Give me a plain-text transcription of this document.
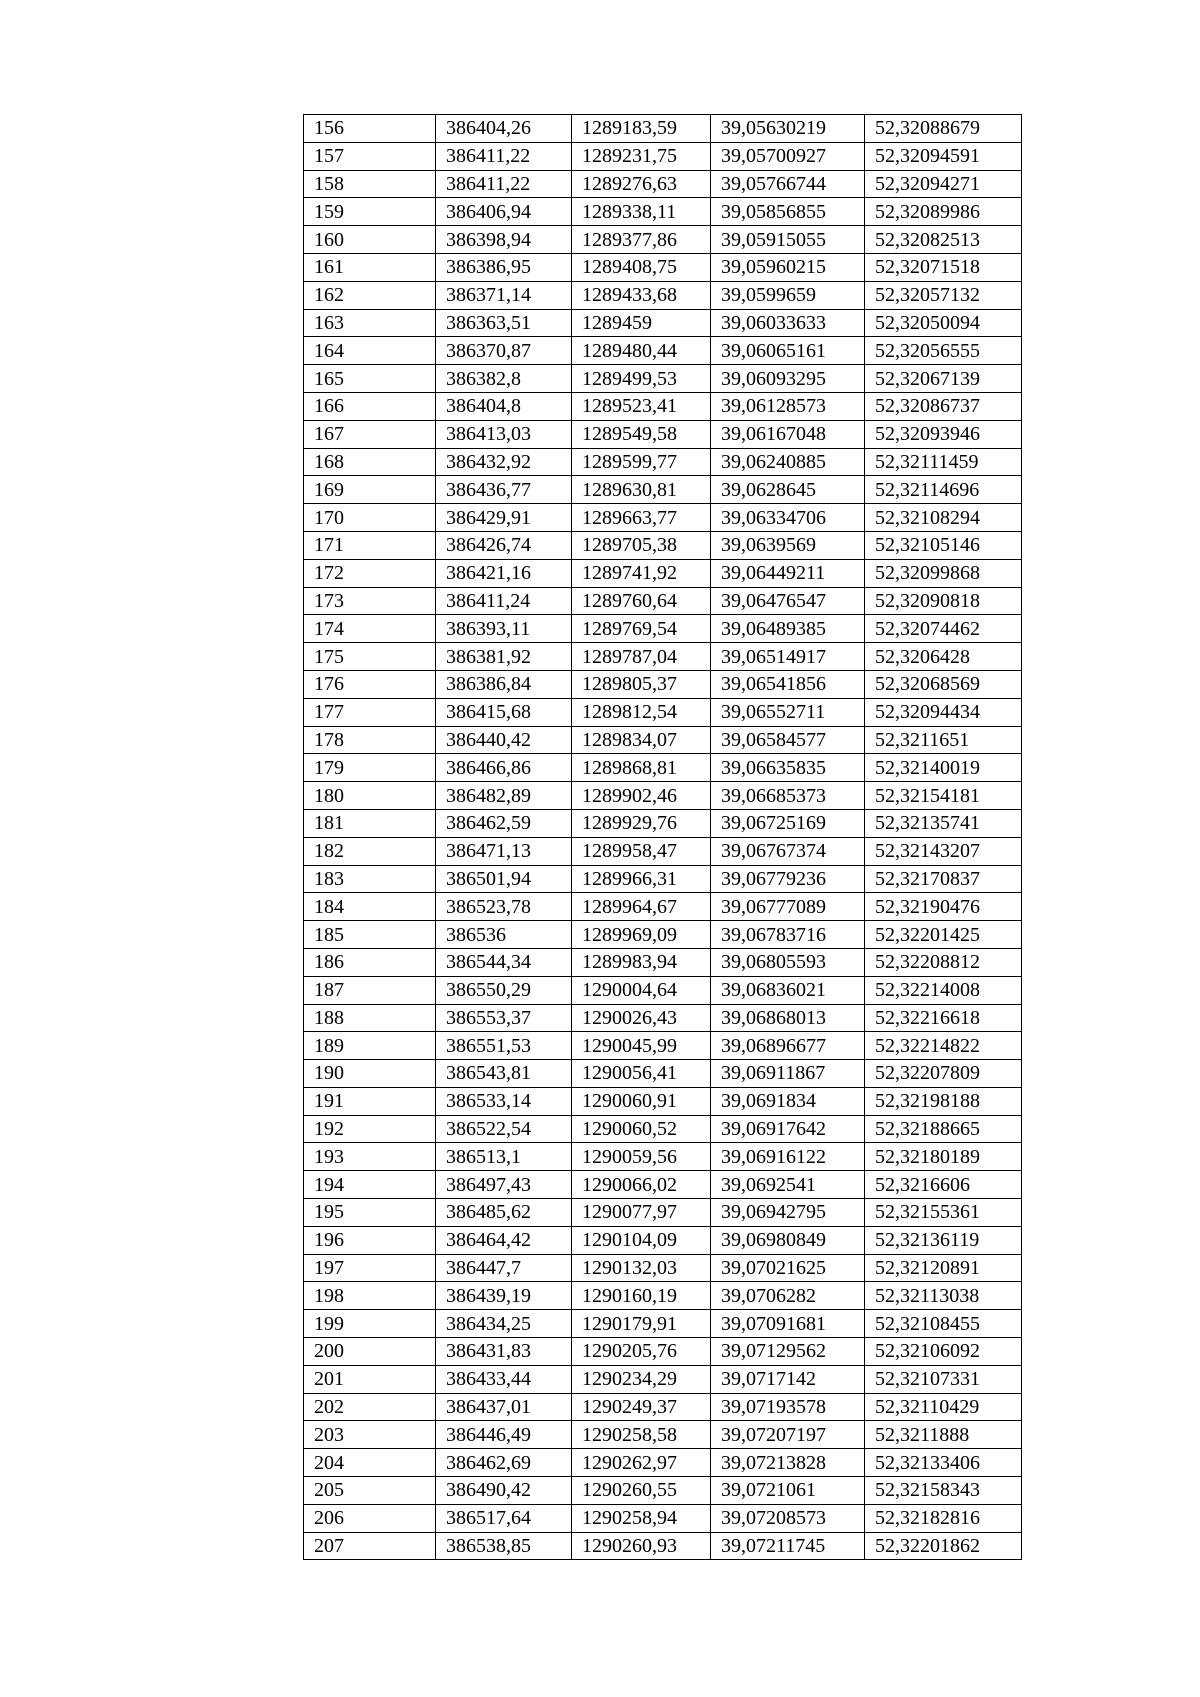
156	386404,26	1289183,59	39,05630219	52,32088679
157	386411,22	1289231,75	39,05700927	52,32094591
158	386411,22	1289276,63	39,05766744	52,32094271
159	386406,94	1289338,11	39,05856855	52,32089986
160	386398,94	1289377,86	39,05915055	52,32082513
161	386386,95	1289408,75	39,05960215	52,32071518
162	386371,14	1289433,68	39,0599659	52,32057132
163	386363,51	1289459	39,06033633	52,32050094
164	386370,87	1289480,44	39,06065161	52,32056555
165	386382,8	1289499,53	39,06093295	52,32067139
166	386404,8	1289523,41	39,06128573	52,32086737
167	386413,03	1289549,58	39,06167048	52,32093946
168	386432,92	1289599,77	39,06240885	52,32111459
169	386436,77	1289630,81	39,0628645	52,32114696
170	386429,91	1289663,77	39,06334706	52,32108294
171	386426,74	1289705,38	39,0639569	52,32105146
172	386421,16	1289741,92	39,06449211	52,32099868
173	386411,24	1289760,64	39,06476547	52,32090818
174	386393,11	1289769,54	39,06489385	52,32074462
175	386381,92	1289787,04	39,06514917	52,3206428
176	386386,84	1289805,37	39,06541856	52,32068569
177	386415,68	1289812,54	39,06552711	52,32094434
178	386440,42	1289834,07	39,06584577	52,3211651
179	386466,86	1289868,81	39,06635835	52,32140019
180	386482,89	1289902,46	39,06685373	52,32154181
181	386462,59	1289929,76	39,06725169	52,32135741
182	386471,13	1289958,47	39,06767374	52,32143207
183	386501,94	1289966,31	39,06779236	52,32170837
184	386523,78	1289964,67	39,06777089	52,32190476
185	386536	1289969,09	39,06783716	52,32201425
186	386544,34	1289983,94	39,06805593	52,32208812
187	386550,29	1290004,64	39,06836021	52,32214008
188	386553,37	1290026,43	39,06868013	52,32216618
189	386551,53	1290045,99	39,06896677	52,32214822
190	386543,81	1290056,41	39,06911867	52,32207809
191	386533,14	1290060,91	39,0691834	52,32198188
192	386522,54	1290060,52	39,06917642	52,32188665
193	386513,1	1290059,56	39,06916122	52,32180189
194	386497,43	1290066,02	39,0692541	52,3216606
195	386485,62	1290077,97	39,06942795	52,32155361
196	386464,42	1290104,09	39,06980849	52,32136119
197	386447,7	1290132,03	39,07021625	52,32120891
198	386439,19	1290160,19	39,0706282	52,32113038
199	386434,25	1290179,91	39,07091681	52,32108455
200	386431,83	1290205,76	39,07129562	52,32106092
201	386433,44	1290234,29	39,0717142	52,32107331
202	386437,01	1290249,37	39,07193578	52,32110429
203	386446,49	1290258,58	39,07207197	52,3211888
204	386462,69	1290262,97	39,07213828	52,32133406
205	386490,42	1290260,55	39,0721061	52,32158343
206	386517,64	1290258,94	39,07208573	52,32182816
207	386538,85	1290260,93	39,07211745	52,32201862
